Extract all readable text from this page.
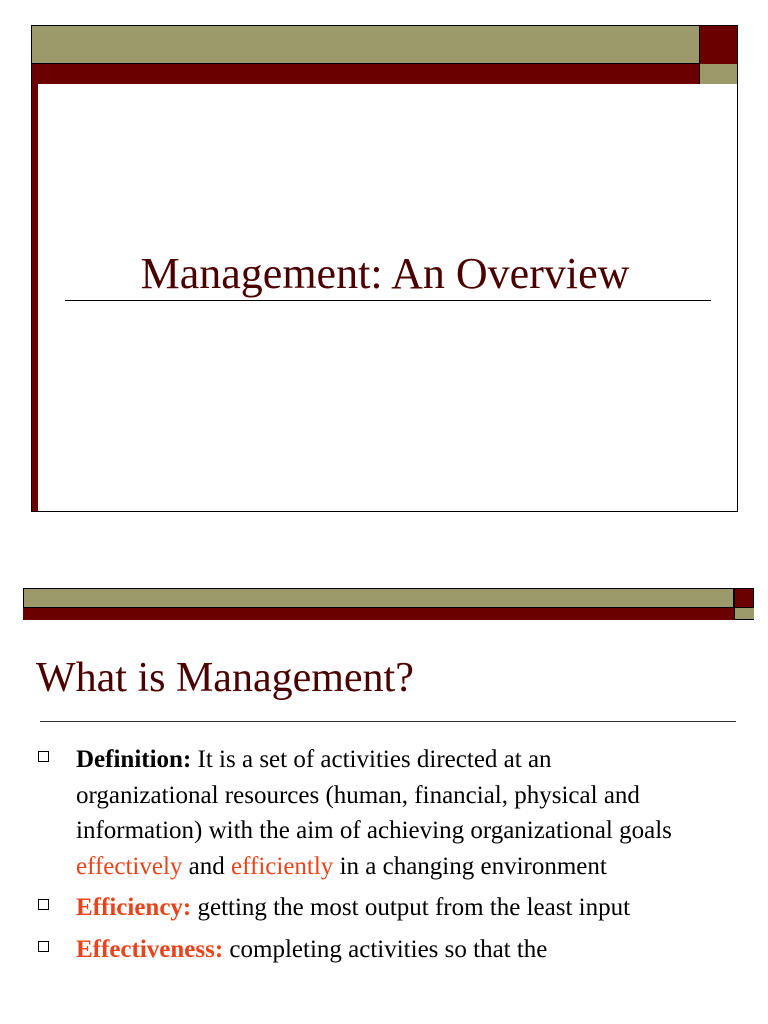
Management: An Overview
What is Management?
Definition: It is a set of activities directed at an organizational resources (human, financial, physical and information) with the aim of achieving organizational goals effectively and efficiently in a changing environment
Efficiency: getting the most output from the least input
Effectiveness: completing activities so that the
